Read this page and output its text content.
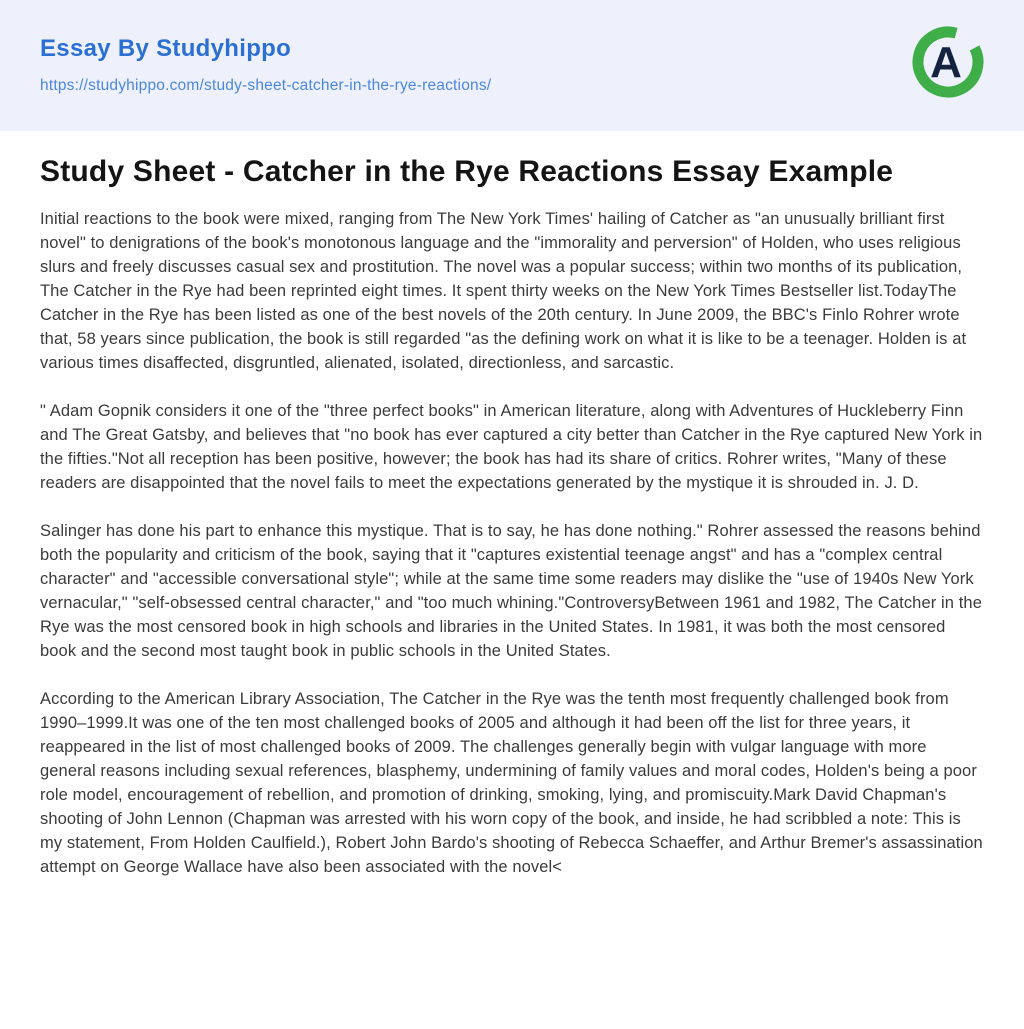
Essay By Studyhippo
https://studyhippo.com/study-sheet-catcher-in-the-rye-reactions/	A
Study Sheet - Catcher in the Rye Reactions Essay Example

Initial reactions to the book were mixed, ranging from The New York Times' hailing of Catcher as "an unusually brilliant first novel" to denigrations of the book's monotonous language and the "immorality and perversion" of Holden, who uses religious slurs and freely discusses casual sex and prostitution. The novel was a popular success; within two months of its publication, The Catcher in the Rye had been reprinted eight times. It spent thirty weeks on the New York Times Bestseller list.TodayThe Catcher in the Rye has been listed as one of the best novels of the 20th century. In June 2009, the BBC's Finlo Rohrer wrote that, 58 years since publication, the book is still regarded "as the defining work on what it is like to be a teenager. Holden is at various times disaffected, disgruntled, alienated, isolated, directionless, and sarcastic.

" Adam Gopnik considers it one of the "three perfect books" in American literature, along with Adventures of Huckleberry Finn and The Great Gatsby, and believes that "no book has ever captured a city better than Catcher in the Rye captured New York in the fifties."Not all reception has been positive, however; the book has had its share of critics. Rohrer writes, "Many of these readers are disappointed that the novel fails to meet the expectations generated by the mystique it is shrouded in. J. D.

Salinger has done his part to enhance this mystique. That is to say, he has done nothing." Rohrer assessed the reasons behind both the popularity and criticism of the book, saying that it "captures existential teenage angst" and has a "complex central character" and "accessible conversational style"; while at the same time some readers may dislike the "use of 1940s New York vernacular," "self-obsessed central character," and "too much whining."ControversyBetween 1961 and 1982, The Catcher in the Rye was the most censored book in high schools and libraries in the United States. In 1981, it was both the most censored book and the second most taught book in public schools in the United States.

According to the American Library Association, The Catcher in the Rye was the tenth most frequently challenged book from 1990–1999.It was one of the ten most challenged books of 2005 and although it had been off the list for three years, it reappeared in the list of most challenged books of 2009. The challenges generally begin with vulgar language with more general reasons including sexual references, blasphemy, undermining of family values and moral codes, Holden's being a poor role model, encouragement of rebellion, and promotion of drinking, smoking, lying, and promiscuity.Mark David Chapman's shooting of John Lennon (Chapman was arrested with his worn copy of the book, and inside, he had scribbled a note: This is my statement, From Holden Caulfield.), Robert John Bardo's shooting of Rebecca Schaeffer, and Arthur Bremer's assassination attempt on George Wallace have also been associated with the novel<
